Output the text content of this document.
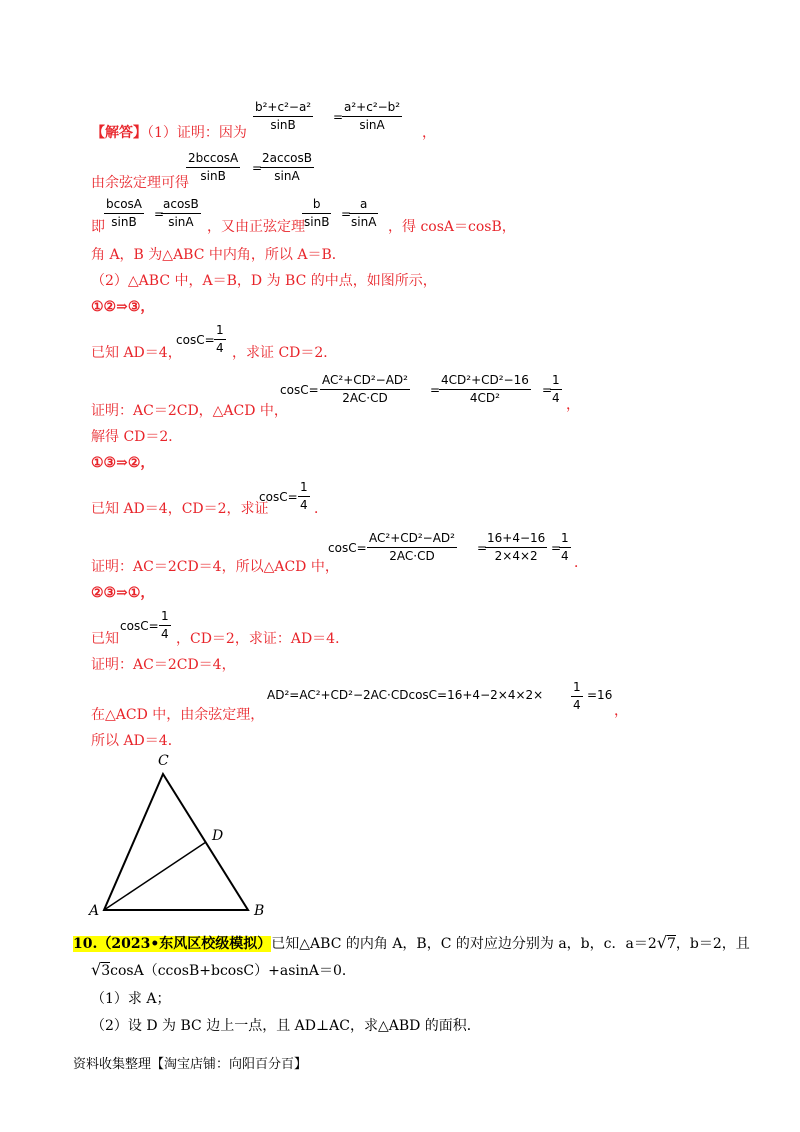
$\frac{\text{b²+c²−a²}}{\sin B}$ =
$\frac{\text{a²+c²−b²}}{\sin A}$ ，
【解答】（1）证明：因为
由余弦定理可得
$\frac{2bccosA}{\sin B}$ =
$\frac{2accosB}{\sin A}$
即 $\frac{bcosA}{\sin B}$ =
$\frac{acosB}{\sin A}$ ，又由正弦定理
$\frac{b}{\sin B}$ =
$\frac{a}{\sin A}$ ，得 cosA＝cosB，
角 A，B 为△ABC 中内角，所以 A＝B．
（2）△ABC 中，A＝B，D 为 BC 的中点，如图所示，
①②⇒③，
已知 AD＝4，
$\cos C= \frac{1}{4}$ ，求证 CD＝2．
$\cos C= \frac{\text{AC²+CD²−AD²}}{2AC\cdot CD}$ =
$\frac{\text{4CD²+CD²−16}}{\text{4CD²}}$ =
$\frac{1}{4}$ ，
证明：AC＝2CD，△ACD 中，
解得 CD＝2．
①③⇒②，
已知 AD＝4，CD＝2，求证
$\cos C= \frac{1}{4}$ ．
证明：AC＝2CD＝4，所以△ACD 中，
$\cos C= \frac{\text{AC²+CD²−AD²}}{2AC\cdot CD}$ =
$\frac{16+4-16}{2\times 4\times 2}$ =
$\frac{1}{4}$ ．
②③⇒①，
已知
$\cos C= \frac{1}{4}$ ，CD＝2，求证：AD＝4．
证明：AC＝2CD＝4，
$AD^2=AC^2+CD^2-2AC\cdot CDcosC=16+4-2\times 4\times 2\times \frac{1}{4} =16$
，
在△ACD 中，由余弦定理，
所以 AD＝4．
C
D
A	B
10.（2023•东风区校级模拟）已知△ABC 的内角 A，B，C 的对应边分别为 a，b，c．a＝2√7，b＝2，且
√3cosA（ccosB+bcosC）+asinA＝0．
（1）求 A；
（2）设 D 为 BC 边上一点，且 AD⊥AC，求△ABD 的面积．
资料收集整理【淘宝店铺：向阳百分百】
